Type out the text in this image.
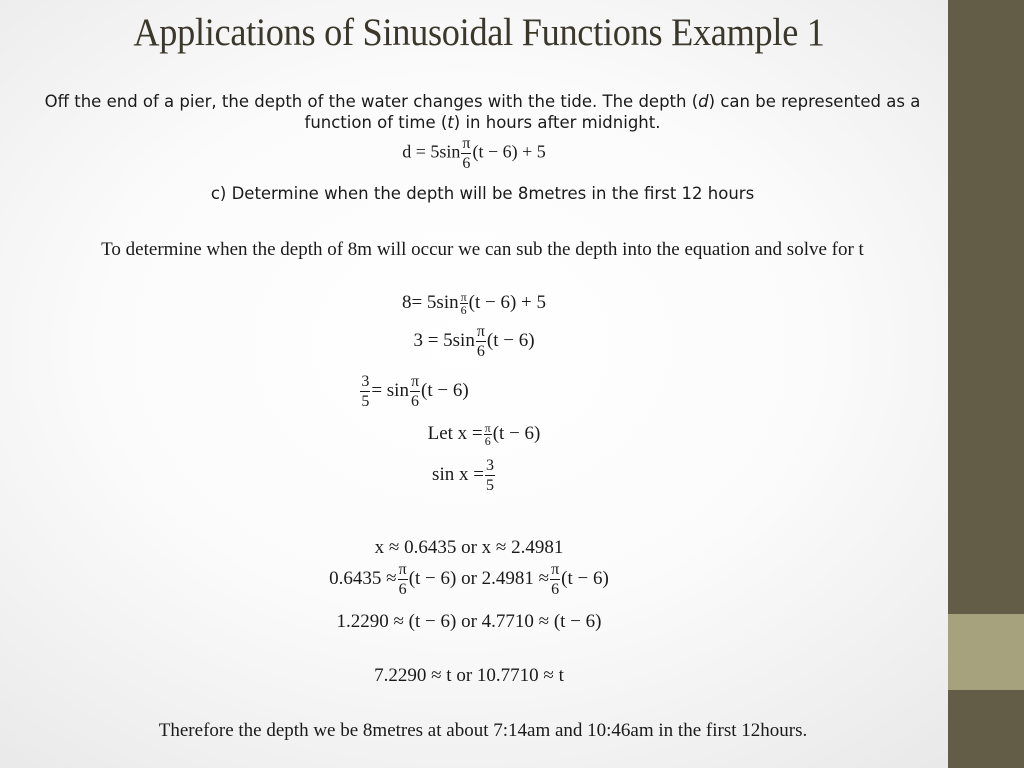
Applications of Sinusoidal Functions Example 1
Off the end of a pier, the depth of the water changes with the tide. The depth (d) can be represented as a function of time (t) in hours after midnight.
$d = 5\sin \frac{\pi}{6} (t - 6) + 5$
c) Determine when the depth will be 8metres in the first 12 hours
To determine when the depth of 8m will occur we can sub the depth into the equation and solve for t
$8= 5\sin \frac{\pi}{6} (t - 6) + 5$
$3 = 5\sin \frac{\pi}{6} (t - 6)$
$\frac{3}{5} = \sin \frac{\pi}{6} (t - 6)$
Let $x = \frac{\pi}{6} (t - 6)$
$\sin x = \frac{3}{5}$
x ≈ 0.6435 or x ≈ 2.4981
$0.6435 \approx \frac{\pi}{6} (t - 6)$ or $2.4981 \approx \frac{\pi}{6} (t - 6)$
1.2290 ≈ (t − 6) or 4.7710 ≈ (t − 6)
7.2290 ≈ t or 10.7710 ≈ t
Therefore the depth we be 8metres at about 7:14am and 10:46am in the first 12hours.
